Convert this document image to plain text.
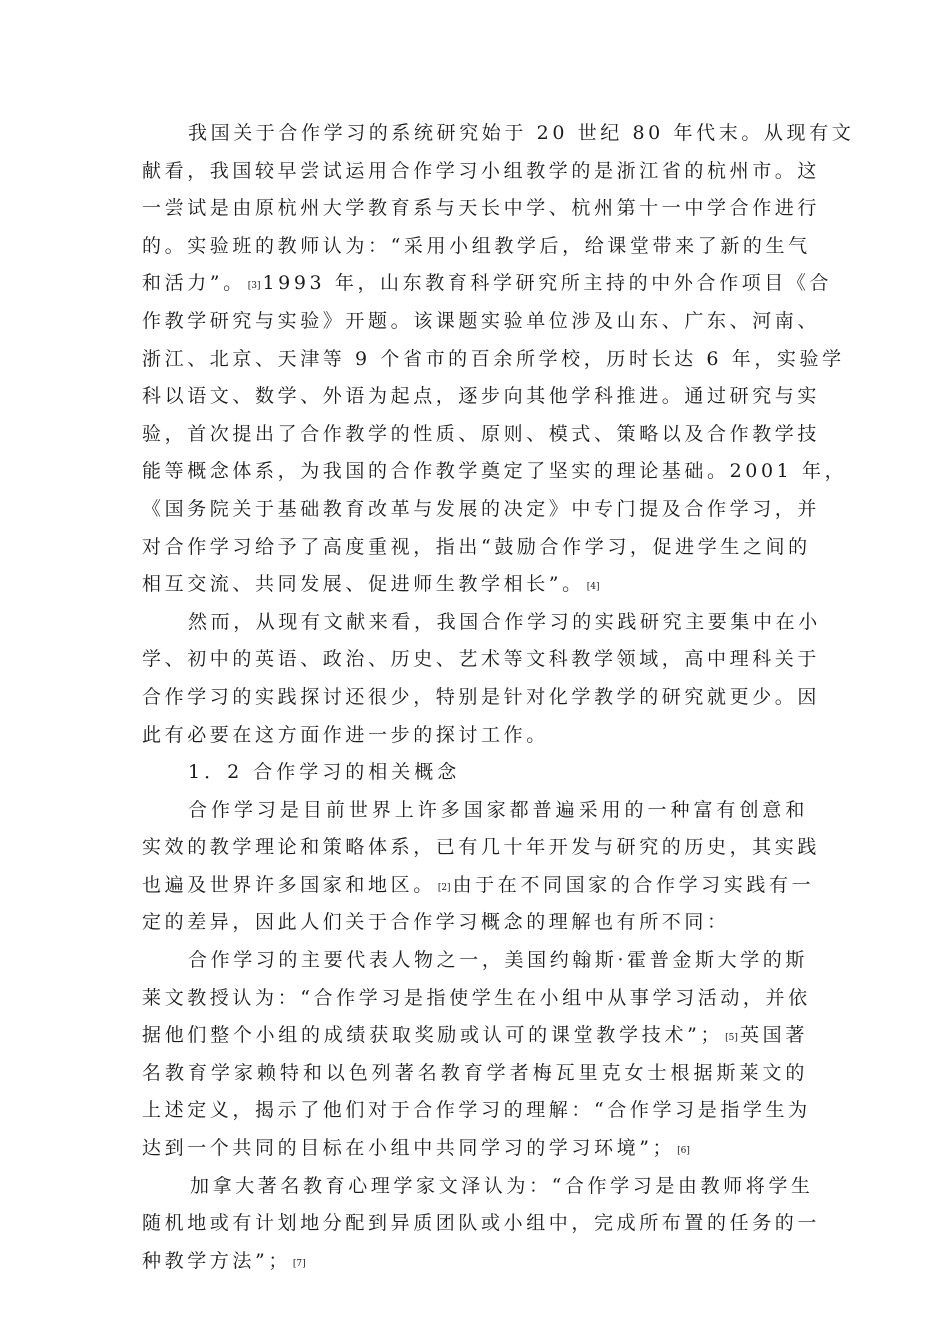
我国关于合作学习的系统研究始于 20 世纪 80 年代末。从现有文
献看，我国较早尝试运用合作学习小组教学的是浙江省的杭州市。这
一尝试是由原杭州大学教育系与天长中学、杭州第十一中学合作进行
的。实验班的教师认为：“采用小组教学后，给课堂带来了新的生气
和活力”。 [3] 1993 年，山东教育科学研究所主持的中外合作项目《合
作教学研究与实验》开题。该课题实验单位涉及山东、广东、河南、
浙江、北京、天津等 9 个省市的百余所学校，历时长达 6 年，实验学
科以语文、数学、外语为起点，逐步向其他学科推进。通过研究与实
验，首次提出了合作教学的性质、原则、模式、策略以及合作教学技
能等概念体系，为我国的合作教学奠定了坚实的理论基础。2001 年，
《国务院关于基础教育改革与发展的决定》中专门提及合作学习，并
对合作学习给予了高度重视，指出“鼓励合作学习，促进学生之间的
相互交流、共同发展、促进师生教学相长”。 [4]
然而，从现有文献来看，我国合作学习的实践研究主要集中在小
学、初中的英语、政治、历史、艺术等文科教学领域，高中理科关于
合作学习的实践探讨还很少，特别是针对化学教学的研究就更少。因
此有必要在这方面作进一步的探讨工作。
1．2 合作学习的相关概念
合作学习是目前世界上许多国家都普遍采用的一种富有创意和
实效的教学理论和策略体系，已有几十年开发与研究的历史，其实践
也遍及世界许多国家和地区。 [2] 由于在不同国家的合作学习实践有一
定的差异，因此人们关于合作学习概念的理解也有所不同：
合作学习的主要代表人物之一，美国约翰斯·霍普金斯大学的斯
莱文教授认为：“合作学习是指使学生在小组中从事学习活动，并依
据他们整个小组的成绩获取奖励或认可的课堂教学技术”； [5] 英国著
名教育学家赖特和以色列著名教育学者梅瓦里克女士根据斯莱文的
上述定义，揭示了他们对于合作学习的理解：“合作学习是指学生为
达到一个共同的目标在小组中共同学习的学习环境”； [6]
加拿大著名教育心理学家文泽认为：“合作学习是由教师将学生
随机地或有计划地分配到异质团队或小组中，完成所布置的任务的一
种教学方法”； [7]
